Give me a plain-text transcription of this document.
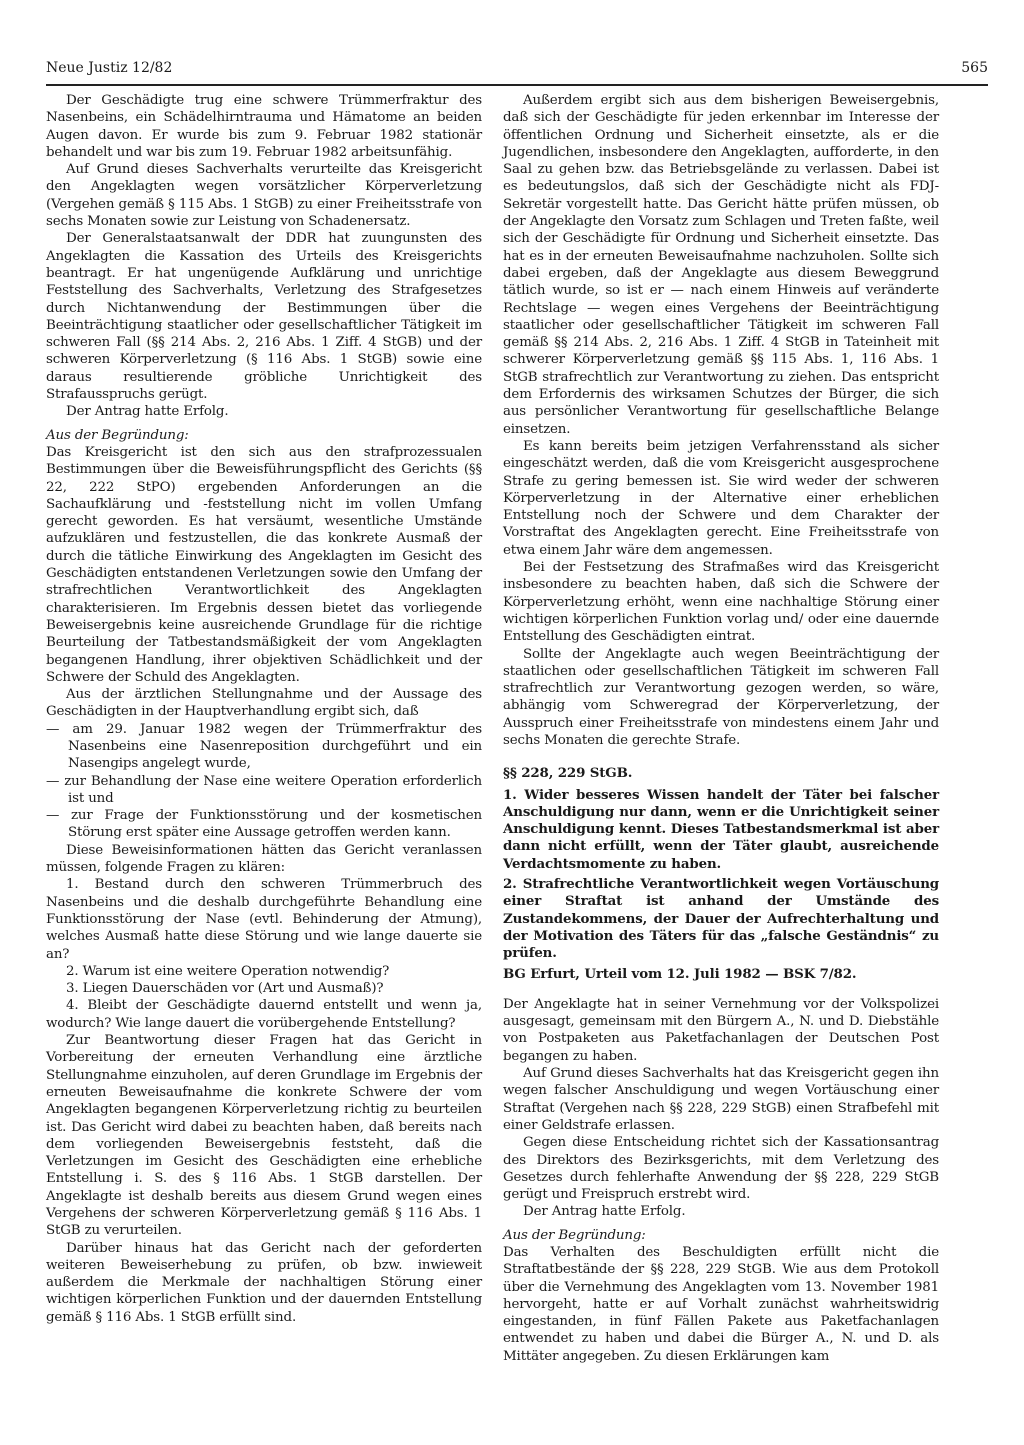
Neue Justiz 12/82	565

Der Geschädigte trug eine schwere Trümmerfraktur des Nasenbeins, ein Schädelhirntrauma und Hämatome an beiden Augen davon. Er wurde bis zum 9. Februar 1982 stationär behandelt und war bis zum 19. Februar 1982 arbeitsunfähig.

Auf Grund dieses Sachverhalts verurteilte das Kreisgericht den Angeklagten wegen vorsätzlicher Körperverletzung (Vergehen gemäß § 115 Abs. 1 StGB) zu einer Freiheitsstrafe von sechs Monaten sowie zur Leistung von Schadenersatz.

Der Generalstaatsanwalt der DDR hat zuungunsten des Angeklagten die Kassation des Urteils des Kreisgerichts beantragt. Er hat ungenügende Aufklärung und unrichtige Feststellung des Sachverhalts, Verletzung des Strafgesetzes durch Nichtanwendung der Bestimmungen über die Beeinträchtigung staatlicher oder gesellschaftlicher Tätigkeit im schweren Fall (§§ 214 Abs. 2, 216 Abs. 1 Ziff. 4 StGB) und der schweren Körperverletzung (§ 116 Abs. 1 StGB) sowie eine daraus resultierende gröbliche Unrichtigkeit des Strafausspruchs gerügt.

Der Antrag hatte Erfolg.

Aus der Begründung:

Das Kreisgericht ist den sich aus den strafprozessualen Bestimmungen über die Beweisführungspflicht des Gerichts (§§ 22, 222 StPO) ergebenden Anforderungen an die Sachaufklärung und -feststellung nicht im vollen Umfang gerecht geworden. Es hat versäumt, wesentliche Umstände aufzuklären und festzustellen, die das konkrete Ausmaß der durch die tätliche Einwirkung des Angeklagten im Gesicht des Geschädigten entstandenen Verletzungen sowie den Umfang der strafrechtlichen Verantwortlichkeit des Angeklagten charakterisieren. Im Ergebnis dessen bietet das vorliegende Beweisergebnis keine ausreichende Grundlage für die richtige Beurteilung der Tatbestandsmäßigkeit der vom Angeklagten begangenen Handlung, ihrer objektiven Schädlichkeit und der Schwere der Schuld des Angeklagten.

Aus der ärztlichen Stellungnahme und der Aussage des Geschädigten in der Hauptverhandlung ergibt sich, daß

— am 29. Januar 1982 wegen der Trümmerfraktur des Nasenbeins eine Nasenreposition durchgeführt und ein Nasengips angelegt wurde,

— zur Behandlung der Nase eine weitere Operation erforderlich ist und

— zur Frage der Funktionsstörung und der kosmetischen Störung erst später eine Aussage getroffen werden kann.

Diese Beweisinformationen hätten das Gericht veranlassen müssen, folgende Fragen zu klären:

1. Bestand durch den schweren Trümmerbruch des Nasenbeins und die deshalb durchgeführte Behandlung eine Funktionsstörung der Nase (evtl. Behinderung der Atmung), welches Ausmaß hatte diese Störung und wie lange dauerte sie an?

2. Warum ist eine weitere Operation notwendig?

3. Liegen Dauerschäden vor (Art und Ausmaß)?

4. Bleibt der Geschädigte dauernd entstellt und wenn ja, wodurch? Wie lange dauert die vorübergehende Entstellung?

Zur Beantwortung dieser Fragen hat das Gericht in Vorbereitung der erneuten Verhandlung eine ärztliche Stellungnahme einzuholen, auf deren Grundlage im Ergebnis der erneuten Beweisaufnahme die konkrete Schwere der vom Angeklagten begangenen Körperverletzung richtig zu beurteilen ist. Das Gericht wird dabei zu beachten haben, daß bereits nach dem vorliegenden Beweisergebnis feststeht, daß die Verletzungen im Gesicht des Geschädigten eine erhebliche Entstellung i. S. des § 116 Abs. 1 StGB darstellen. Der Angeklagte ist deshalb bereits aus diesem Grund wegen eines Vergehens der schweren Körperverletzung gemäß § 116 Abs. 1 StGB zu verurteilen.

Darüber hinaus hat das Gericht nach der geforderten weiteren Beweiserhebung zu prüfen, ob bzw. inwieweit außerdem die Merkmale der nachhaltigen Störung einer wichtigen körperlichen Funktion und der dauernden Entstellung gemäß § 116 Abs. 1 StGB erfüllt sind.

Außerdem ergibt sich aus dem bisherigen Beweisergebnis, daß sich der Geschädigte für jeden erkennbar im Interesse der öffentlichen Ordnung und Sicherheit einsetzte, als er die Jugendlichen, insbesondere den Angeklagten, aufforderte, in den Saal zu gehen bzw. das Betriebsgelände zu verlassen. Dabei ist es bedeutungslos, daß sich der Geschädigte nicht als FDJ-Sekretär vorgestellt hatte. Das Gericht hätte prüfen müssen, ob der Angeklagte den Vorsatz zum Schlagen und Treten faßte, weil sich der Geschädigte für Ordnung und Sicherheit einsetzte. Das hat es in der erneuten Beweisaufnahme nachzuholen. Sollte sich dabei ergeben, daß der Angeklagte aus diesem Beweggrund tätlich wurde, so ist er — nach einem Hinweis auf veränderte Rechtslage — wegen eines Vergehens der Beeinträchtigung staatlicher oder gesellschaftlicher Tätigkeit im schweren Fall gemäß §§ 214 Abs. 2, 216 Abs. 1 Ziff. 4 StGB in Tateinheit mit schwerer Körperverletzung gemäß §§ 115 Abs. 1, 116 Abs. 1 StGB strafrechtlich zur Verantwortung zu ziehen. Das entspricht dem Erfordernis des wirksamen Schutzes der Bürger, die sich aus persönlicher Verantwortung für gesellschaftliche Belange einsetzen.

Es kann bereits beim jetzigen Verfahrensstand als sicher eingeschätzt werden, daß die vom Kreisgericht ausgesprochene Strafe zu gering bemessen ist. Sie wird weder der schweren Körperverletzung in der Alternative einer erheblichen Entstellung noch der Schwere und dem Charakter der Vorstraftat des Angeklagten gerecht. Eine Freiheitsstrafe von etwa einem Jahr wäre dem angemessen.

Bei der Festsetzung des Strafmaßes wird das Kreisgericht insbesondere zu beachten haben, daß sich die Schwere der Körperverletzung erhöht, wenn eine nachhaltige Störung einer wichtigen körperlichen Funktion vorlag und/ oder eine dauernde Entstellung des Geschädigten eintrat.

Sollte der Angeklagte auch wegen Beeinträchtigung der staatlichen oder gesellschaftlichen Tätigkeit im schweren Fall strafrechtlich zur Verantwortung gezogen werden, so wäre, abhängig vom Schweregrad der Körperverletzung, der Ausspruch einer Freiheitsstrafe von mindestens einem Jahr und sechs Monaten die gerechte Strafe.

§§ 228, 229 StGB.

1. Wider besseres Wissen handelt der Täter bei falscher Anschuldigung nur dann, wenn er die Unrichtigkeit seiner Anschuldigung kennt. Dieses Tatbestandsmerkmal ist aber dann nicht erfüllt, wenn der Täter glaubt, ausreichende Verdachtsmomente zu haben.

2. Strafrechtliche Verantwortlichkeit wegen Vortäuschung einer Straftat ist anhand der Umstände des Zustandekommens, der Dauer der Aufrechterhaltung und der Motivation des Täters für das „falsche Geständnis“ zu prüfen.

BG Erfurt, Urteil vom 12. Juli 1982 — BSK 7/82.

Der Angeklagte hat in seiner Vernehmung vor der Volkspolizei ausgesagt, gemeinsam mit den Bürgern A., N. und D. Diebstähle von Postpaketen aus Paketfachanlagen der Deutschen Post begangen zu haben.

Auf Grund dieses Sachverhalts hat das Kreisgericht gegen ihn wegen falscher Anschuldigung und wegen Vortäuschung einer Straftat (Vergehen nach §§ 228, 229 StGB) einen Strafbefehl mit einer Geldstrafe erlassen.

Gegen diese Entscheidung richtet sich der Kassationsantrag des Direktors des Bezirksgerichts, mit dem Verletzung des Gesetzes durch fehlerhafte Anwendung der §§ 228, 229 StGB gerügt und Freispruch erstrebt wird.

Der Antrag hatte Erfolg.

Aus der Begründung:

Das Verhalten des Beschuldigten erfüllt nicht die Straftatbestände der §§ 228, 229 StGB. Wie aus dem Protokoll über die Vernehmung des Angeklagten vom 13. November 1981 hervorgeht, hatte er auf Vorhalt zunächst wahrheitswidrig eingestanden, in fünf Fällen Pakete aus Paketfachanlagen entwendet zu haben und dabei die Bürger A., N. und D. als Mittäter angegeben. Zu diesen Erklärungen kam
